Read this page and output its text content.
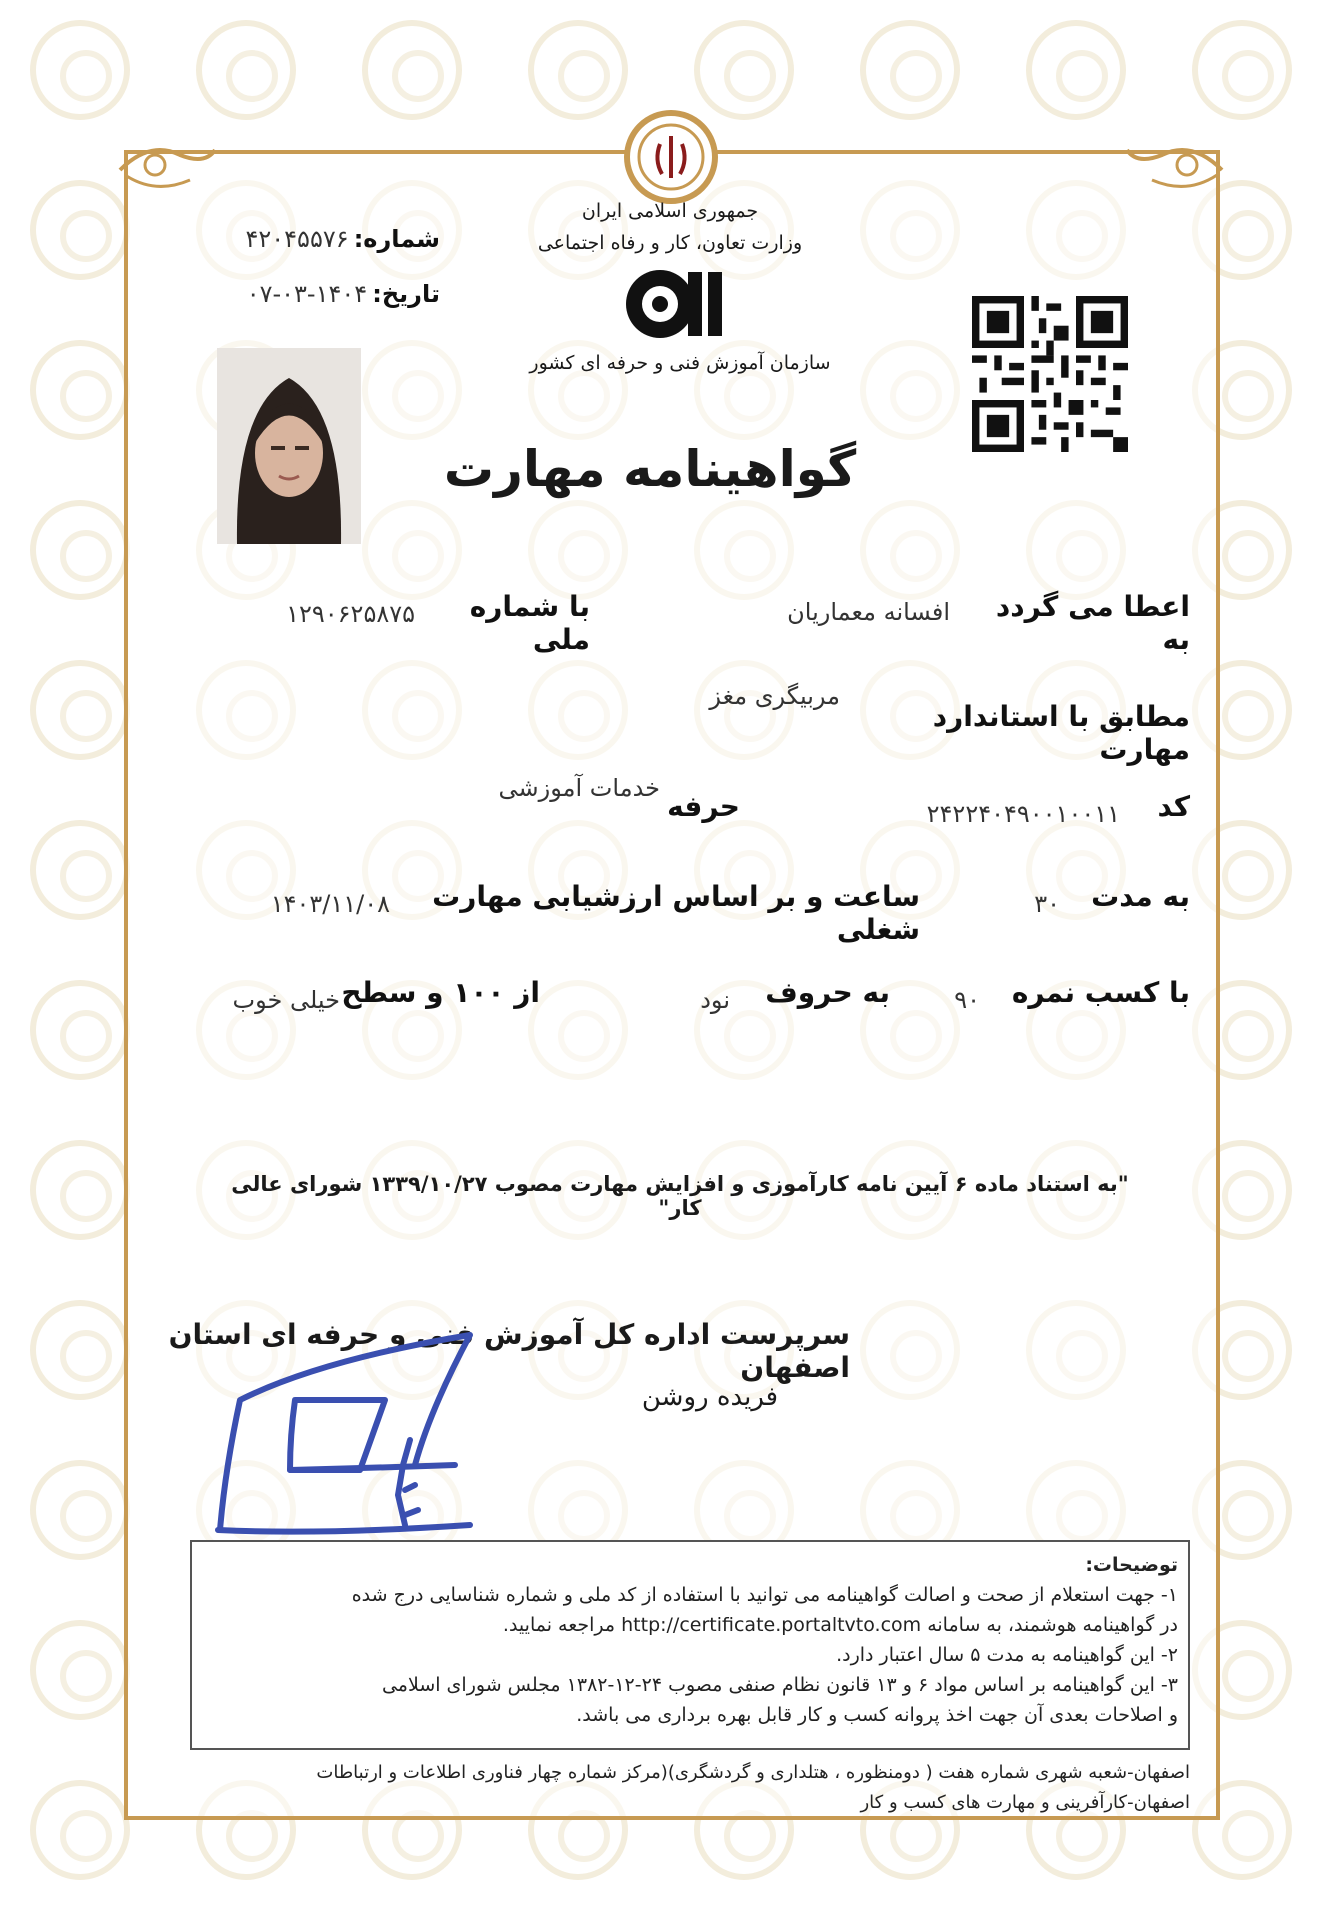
جمهوری اسلامی ایران
وزارت تعاون، کار و رفاه اجتماعی
سازمان آموزش فنی و حرفه ای کشور
شماره: ۴۲۰۴۵۵۷۶
تاریخ: ۱۴۰۴-۰۳-۰۷
گواهینامه مهارت
اعطا می گردد به
افسانه معماریان
با شماره ملی
۱۲۹۰۶۲۵۸۷۵
مطابق با استاندارد مهارت
مربیگری مغز
کد
۲۴۲۲۴۰۴۹۰۰۱۰۰۱۱
حرفه
خدمات آموزشی
به مدت
۳۰
ساعت و بر اساس ارزشیابی مهارت شغلی
۱۴۰۳/۱۱/۰۸
با کسب نمره
۹۰
به حروف
نود
از ۱۰۰ و سطح
خیلی خوب
"به استناد ماده ۶ آیین نامه کارآموزی و افزایش مهارت مصوب ۱۳۳۹/۱۰/۲۷ شورای عالی کار"
سرپرست اداره کل آموزش فنی و حرفه ای استان اصفهان
فریده روشن
توضیحات:
۱- جهت استعلام از صحت و اصالت گواهینامه می توانید با استفاده از کد ملی و شماره شناسایی درج شده
در گواهینامه هوشمند، به سامانه http://certificate.portaltvto.com مراجعه نمایید.
۲- این گواهینامه به مدت ۵ سال اعتبار دارد.
۳- این گواهینامه بر اساس مواد ۶ و ۱۳ قانون نظام صنفی مصوب ۲۴-۱۲-۱۳۸۲ مجلس شورای اسلامی
و اصلاحات بعدی آن جهت اخذ پروانه کسب و کار قابل بهره برداری می باشد.
اصفهان-شعبه شهری شماره هفت ( دومنظوره ، هتلداری و گردشگری)(مرکز شماره چهار فناوری اطلاعات و ارتباطات
اصفهان-کارآفرینی و مهارت های کسب و کار
